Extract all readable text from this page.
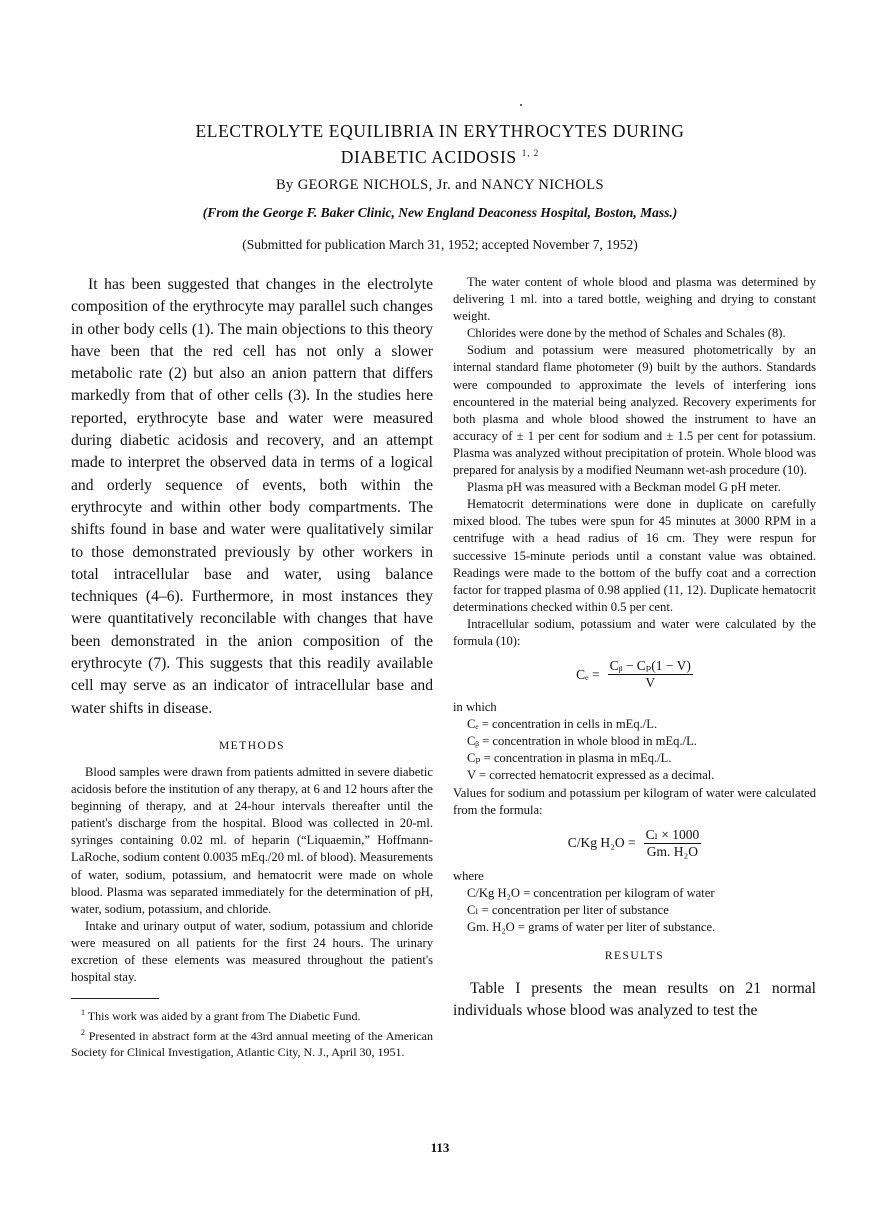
ELECTROLYTE EQUILIBRIA IN ERYTHROCYTES DURING
DIABETIC ACIDOSIS $^{1, 2}$
By GEORGE NICHOLS, Jr. and NANCY NICHOLS
(From the George F. Baker Clinic, New England Deaconess Hospital, Boston, Mass.)
(Submitted for publication March 31, 1952; accepted November 7, 1952)

It has been suggested that changes in the electrolyte composition of the erythrocyte may parallel such changes in other body cells (1). The main objections to this theory have been that the red cell has not only a slower metabolic rate (2) but also an anion pattern that differs markedly from that of other cells (3). In the studies here reported, erythrocyte base and water were measured during diabetic acidosis and recovery, and an attempt made to interpret the observed data in terms of a logical and orderly sequence of events, both within the erythrocyte and within other body compartments. The shifts found in base and water were qualitatively similar to those demonstrated previously by other workers in total intracellular base and water, using balance techniques (4–6). Furthermore, in most instances they were quantitatively reconcilable with changes that have been demonstrated in the anion composition of the erythrocyte (7). This suggests that this readily available cell may serve as an indicator of intracellular base and water shifts in disease.

METHODS

Blood samples were drawn from patients admitted in severe diabetic acidosis before the institution of any therapy, at 6 and 12 hours after the beginning of therapy, and at 24-hour intervals thereafter until the patient's discharge from the hospital. Blood was collected in 20-ml. syringes containing 0.02 ml. of heparin (“Liquaemin,” Hoffmann-LaRoche, sodium content 0.0035 mEq./20 ml. of blood). Measurements of water, sodium, potassium, and hematocrit were made on whole blood. Plasma was separated immediately for the determination of pH, water, sodium, potassium, and chloride.

Intake and urinary output of water, sodium, potassium and chloride were measured on all patients for the first 24 hours. The urinary excretion of these elements was measured throughout the patient's hospital stay.

$^1$ This work was aided by a grant from The Diabetic Fund.

$^2$ Presented in abstract form at the 43rd annual meeting of the American Society for Clinical Investigation, Atlantic City, N. J., April 30, 1951.

The water content of whole blood and plasma was determined by delivering 1 ml. into a tared bottle, weighing and drying to constant weight.

Chlorides were done by the method of Schales and Schales (8).

Sodium and potassium were measured photometrically by an internal standard flame photometer (9) built by the authors. Standards were compounded to approximate the levels of interfering ions encountered in the material being analyzed. Recovery experiments for both plasma and whole blood showed the instrument to have an accuracy of ± 1 per cent for sodium and ± 1.5 per cent for potassium. Plasma was analyzed without precipitation of protein. Whole blood was prepared for analysis by a modified Neumann wet-ash procedure (10).

Plasma pH was measured with a Beckman model G pH meter.

Hematocrit determinations were done in duplicate on carefully mixed blood. The tubes were spun for 45 minutes at 3000 RPM in a centrifuge with a head radius of 16 cm. They were respun for successive 15-minute periods until a constant value was obtained. Readings were made to the bottom of the buffy coat and a correction factor for trapped plasma of 0.98 applied (11, 12). Duplicate hematocrit determinations checked within 0.5 per cent.

Intracellular sodium, potassium and water were calculated by the formula (10):

$C_e = \frac{\text{Cᵦ − Cₚ(1 − V)}}{V}$

in which

Cₑ = concentration in cells in mEq./L.
Cᵦ = concentration in whole blood in mEq./L.
Cₚ = concentration in plasma in mEq./L.
V = corrected hematocrit expressed as a decimal.

Values for sodium and potassium per kilogram of water were calculated from the formula:

C/Kg $H_2O = \frac{\text{Cₗ × 1000}}{\text{Gm. H₂O}}$

where

C/Kg H₂O = concentration per kilogram of water
Cₗ = concentration per liter of substance
Gm. H₂O = grams of water per liter of substance.
RESULTS

Table I presents the mean results on 21 normal individuals whose blood was analyzed to test the

113
